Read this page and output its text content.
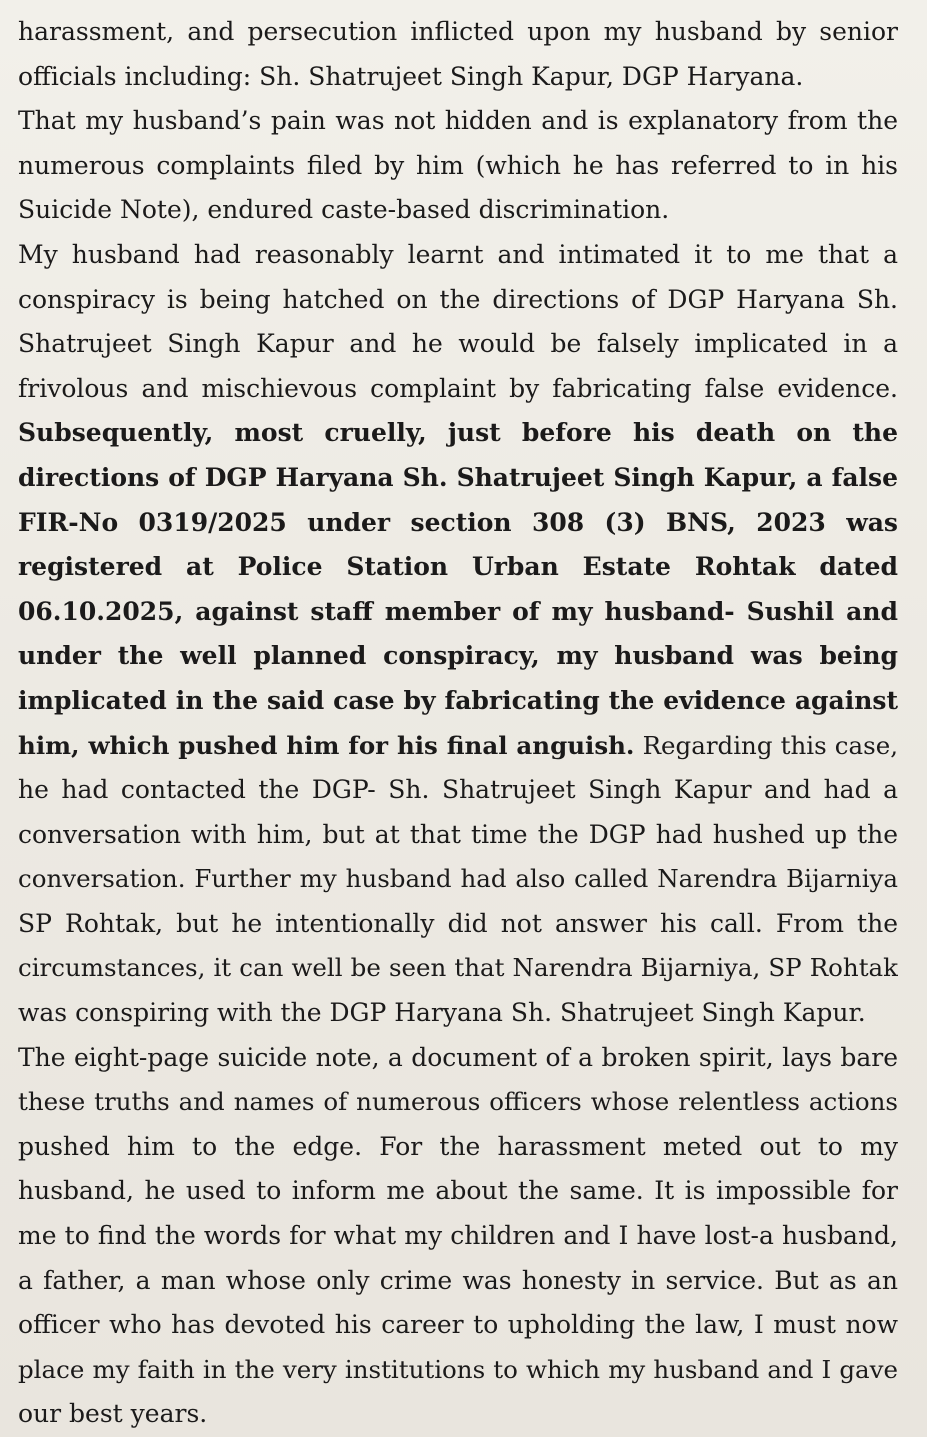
harassment, and persecution inflicted upon my husband by senior
officials including: Sh. Shatrujeet Singh Kapur, DGP Haryana.
That my husband’s pain was not hidden and is explanatory from the
numerous complaints filed by him (which he has referred to in his
Suicide Note), endured caste-based discrimination.
My husband had reasonably learnt and intimated it to me that a
conspiracy is being hatched on the directions of DGP Haryana Sh.
Shatrujeet Singh Kapur and he would be falsely implicated in a
frivolous and mischievous complaint by fabricating false evidence.
Subsequently, most cruelly, just before his death on the
directions of DGP Haryana Sh. Shatrujeet Singh Kapur, a false
FIR-No 0319/2025 under section 308 (3) BNS, 2023 was
registered at Police Station Urban Estate Rohtak dated
06.10.2025, against staff member of my husband- Sushil and
under the well planned conspiracy, my husband was being
implicated in the said case by fabricating the evidence against
him, which pushed him for his final anguish. Regarding this case,
he had contacted the DGP- Sh. Shatrujeet Singh Kapur and had a
conversation with him, but at that time the DGP had hushed up the
conversation. Further my husband had also called Narendra Bijarniya
SP Rohtak, but he intentionally did not answer his call. From the
circumstances, it can well be seen that Narendra Bijarniya, SP Rohtak
was conspiring with the DGP Haryana Sh. Shatrujeet Singh Kapur.
The eight-page suicide note, a document of a broken spirit, lays bare
these truths and names of numerous officers whose relentless actions
pushed him to the edge. For the harassment meted out to my
husband, he used to inform me about the same. It is impossible for
me to find the words for what my children and I have lost-a husband,
a father, a man whose only crime was honesty in service. But as an
officer who has devoted his career to upholding the law, I must now
place my faith in the very institutions to which my husband and I gave
our best years.
